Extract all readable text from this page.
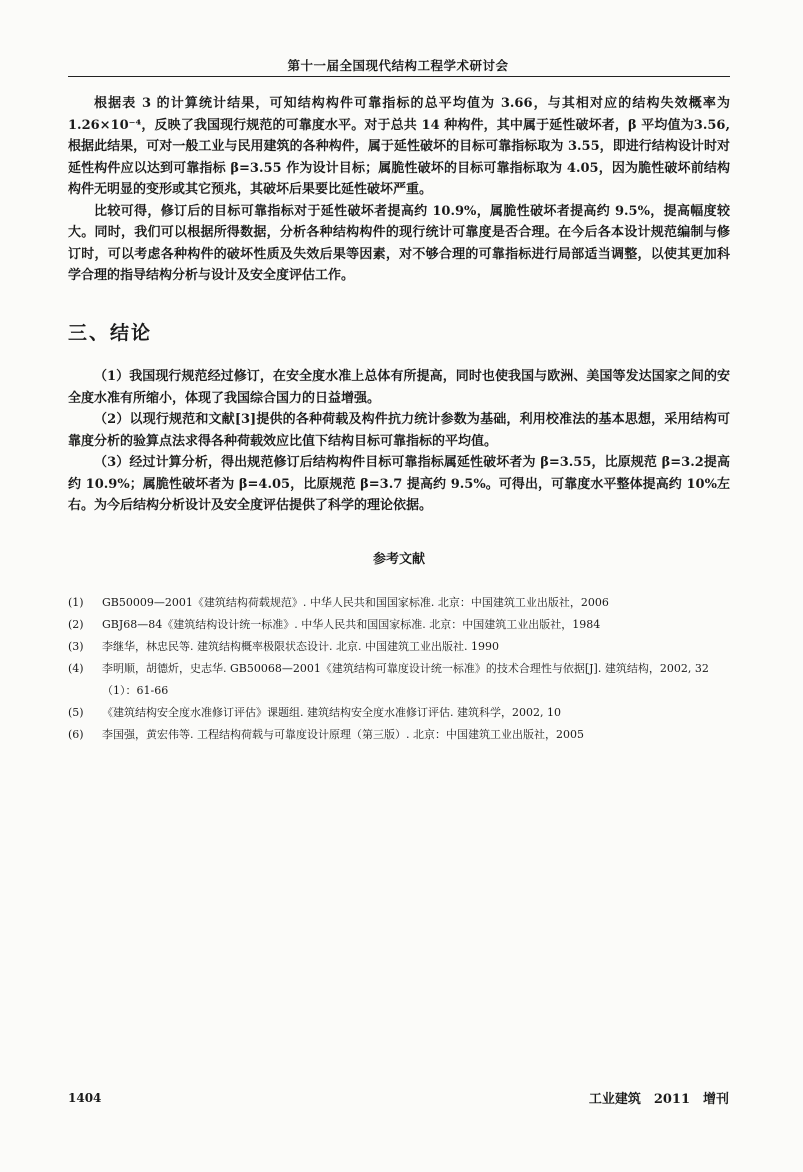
第十一届全国现代结构工程学术研讨会

根据表 3 的计算统计结果，可知结构构件可靠指标的总平均值为 3.66，与其相对应的结构失效概率为1.26×10⁻⁴，反映了我国现行规范的可靠度水平。对于总共 14 种构件，其中属于延性破坏者，β 平均值为3.56,根据此结果，可对一般工业与民用建筑的各种构件，属于延性破坏的目标可靠指标取为 3.55，即进行结构设计时对延性构件应以达到可靠指标 β=3.55 作为设计目标；属脆性破坏的目标可靠指标取为 4.05，因为脆性破坏前结构构件无明显的变形或其它预兆，其破坏后果要比延性破坏严重。

比较可得，修订后的目标可靠指标对于延性破坏者提高约 10.9%，属脆性破坏者提高约 9.5%，提高幅度较大。同时，我们可以根据所得数据，分析各种结构构件的现行统计可靠度是否合理。在今后各本设计规范编制与修订时，可以考虑各种构件的破坏性质及失效后果等因素，对不够合理的可靠指标进行局部适当调整，以使其更加科学合理的指导结构分析与设计及安全度评估工作。

三、结论

（1）我国现行规范经过修订，在安全度水准上总体有所提高，同时也使我国与欧洲、美国等发达国家之间的安全度水准有所缩小，体现了我国综合国力的日益增强。

（2）以现行规范和文献[3]提供的各种荷载及构件抗力统计参数为基础，利用校准法的基本思想，采用结构可靠度分析的验算点法求得各种荷载效应比值下结构目标可靠指标的平均值。

（3）经过计算分析，得出规范修订后结构构件目标可靠指标属延性破坏者为 β=3.55，比原规范 β=3.2提高约 10.9%；属脆性破坏者为 β=4.05，比原规范 β=3.7 提高约 9.5%。可得出，可靠度水平整体提高约 10%左右。为今后结构分析设计及安全度评估提供了科学的理论依据。

参考文献
(1)	GB50009—2001《建筑结构荷载规范》. 中华人民共和国国家标准. 北京：中国建筑工业出版社，2006
(2)	GBJ68—84《建筑结构设计统一标准》. 中华人民共和国国家标准. 北京：中国建筑工业出版社，1984
(3)	李继华，林忠民等. 建筑结构概率极限状态设计. 北京. 中国建筑工业出版社. 1990
(4)	李明顺，胡德炘，史志华. GB50068—2001《建筑结构可靠度设计统一标准》的技术合理性与依据[J]. 建筑结构，2002, 32（1）：61-66
(5)	《建筑结构安全度水准修订评估》课题组. 建筑结构安全度水准修订评估. 建筑科学，2002, 10
(6)	李国强，黄宏伟等. 工程结构荷载与可靠度设计原理（第三版）. 北京：中国建筑工业出版社，2005
1404	工业建筑　2011　增刊
